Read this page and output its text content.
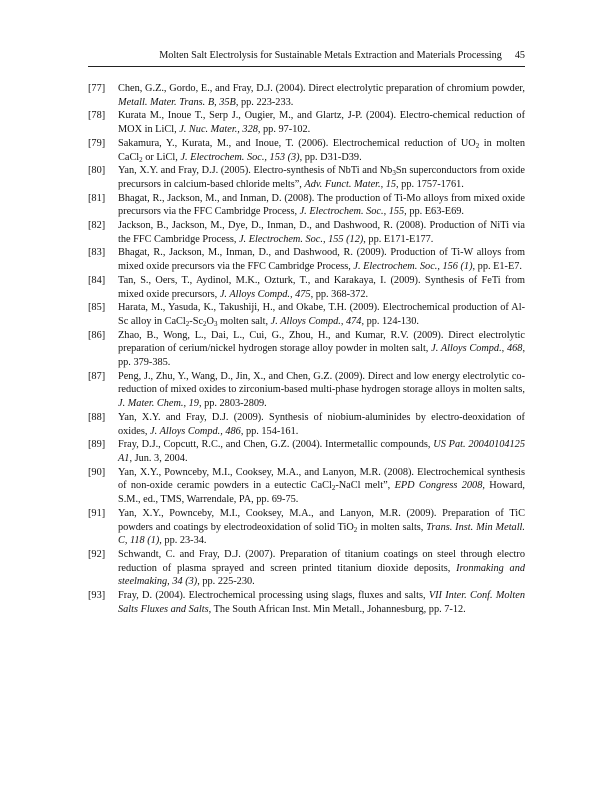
Molten Salt Electrolysis for Sustainable Metals Extraction and Materials Processing 45
[77]	Chen, G.Z., Gordo, E., and Fray, D.J. (2004). Direct electrolytic preparation of chromium powder, Metall. Mater. Trans. B, 35B, pp. 223-233.
[78]	Kurata M., Inoue T., Serp J., Ougier, M., and Glartz, J-P. (2004). Electro-chemical reduction of MOX in LiCl, J. Nuc. Mater., 328, pp. 97-102.
[79]	Sakamura, Y., Kurata, M., and Inoue, T. (2006). Electrochemical reduction of $UO_2$ in molten CaCl$_2$ or LiCl, J. Electrochem. Soc., 153 (3), pp. D31-D39.
[80]	Yan, X.Y. and Fray, D.J. (2005). Electro-synthesis of NbTi and $Nb_3Sn$ superconductors from oxide precursors in calcium-based chloride melts”, Adv. Funct. Mater., 15, pp. 1757-1761.
[81]	Bhagat, R., Jackson, M., and Inman, D. (2008). The production of Ti-Mo alloys from mixed oxide precursors via the FFC Cambridge Process, J. Electrochem. Soc., 155, pp. E63-E69.
[82]	Jackson, B., Jackson, M., Dye, D., Inman, D., and Dashwood, R. (2008). Production of NiTi via the FFC Cambridge Process, J. Electrochem. Soc., 155 (12), pp. E171-E177.
[83]	Bhagat, R., Jackson, M., Inman, D., and Dashwood, R. (2009). Production of Ti-W alloys from mixed oxide precursors via the FFC Cambridge Process, J. Electrochem. Soc., 156 (1), pp. E1-E7.
[84]	Tan, S., Oers, T., Aydinol, M.K., Ozturk, T., and Karakaya, I. (2009). Synthesis of FeTi from mixed oxide precursors, J. Alloys Compd., 475, pp. 368-372.
[85]	Harata, M., Yasuda, K., Takushiji, H., and Okabe, T.H. (2009). Electrochemical production of Al-Sc alloy in $CaCl_2-Sc_2O_3$ molten salt, J. Alloys Compd., 474, pp. 124-130.
[86]	Zhao, B., Wong, L., Dai, L., Cui, G., Zhou, H., and Kumar, R.V. (2009). Direct electrolytic preparation of cerium/nickel hydrogen storage alloy powder in molten salt, J. Alloys Compd., 468, pp. 379-385.
[87]	Peng, J., Zhu, Y., Wang, D., Jin, X., and Chen, G.Z. (2009). Direct and low energy electrolytic co-reduction of mixed oxides to zirconium-based multi-phase hydrogen storage alloys in molten salts, J. Mater. Chem., 19, pp. 2803-2809.
[88]	Yan, X.Y. and Fray, D.J. (2009). Synthesis of niobium-aluminides by electro-deoxidation of oxides, J. Alloys Compd., 486, pp. 154-161.
[89]	Fray, D.J., Copcutt, R.C., and Chen, G.Z. (2004). Intermetallic compounds, US Pat. 20040104125 A1, Jun. 3, 2004.
[90]	Yan, X.Y., Pownceby, M.I., Cooksey, M.A., and Lanyon, M.R. (2008). Electrochemical synthesis of non-oxide ceramic powders in a eutectic CaCl$_2$-NaCl melt”, EPD Congress 2008, Howard, S.M., ed., TMS, Warrendale, PA, pp. 69-75.
[91]	Yan, X.Y., Pownceby, M.I., Cooksey, M.A., and Lanyon, M.R. (2009). Preparation of TiC powders and coatings by electrodeoxidation of solid TiO$_2$ in molten salts, Trans. Inst. Min Metall. C, 118 (1), pp. 23-34.
[92]	Schwandt, C. and Fray, D.J. (2007). Preparation of titanium coatings on steel through electro reduction of plasma sprayed and screen printed titanium dioxide deposits, Ironmaking and steelmaking, 34 (3), pp. 225-230.
[93]	Fray, D. (2004). Electrochemical processing using slags, fluxes and salts, VII Inter. Conf. Molten Salts Fluxes and Salts, The South African Inst. Min Metall., Johannesburg, pp. 7-12.
